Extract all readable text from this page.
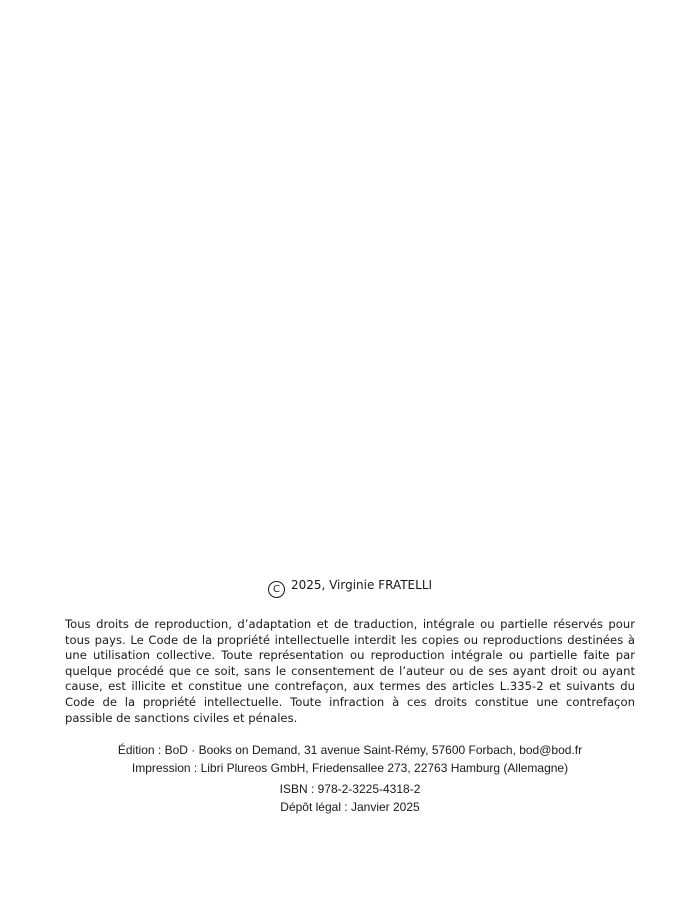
C 2025, Virginie FRATELLI

Tous droits de reproduction, d’adaptation et de traduction, intégrale ou partielle réservés pour tous pays. Le Code de la propriété intellectuelle interdit les copies ou reproductions destinées à une utilisation collective. Toute représentation ou reproduction intégrale ou partielle faite par quelque procédé que ce soit, sans le consentement de l’auteur ou de ses ayant droit ou ayant cause, est illicite et constitue une contrefaçon, aux termes des articles L.335-2 et suivants du Code de la propriété intellectuelle. Toute infraction à ces droits constitue une contrefaçon passible de sanctions civiles et pénales.

Édition : BoD · Books on Demand, 31 avenue Saint-Rémy, 57600 Forbach, bod@bod.fr
Impression : Libri Plureos GmbH, Friedensallee 273, 22763 Hamburg (Allemagne)
ISBN : 978-2-3225-4318-2
Dépôt légal : Janvier 2025
